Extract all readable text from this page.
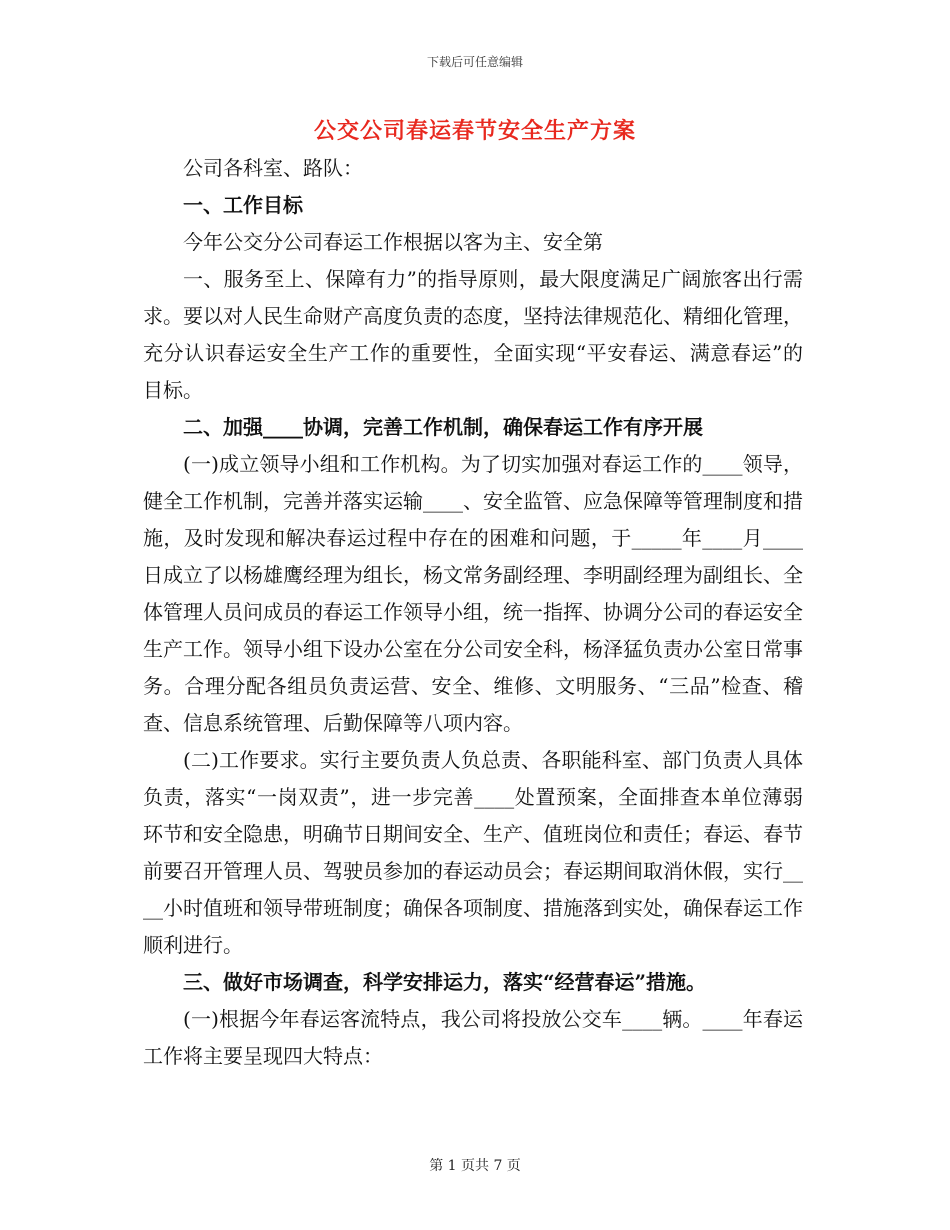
下载后可任意编辑
公交公司春运春节安全生产方案

公司各科室、路队：

一、工作目标

今年公交分公司春运工作根据以客为主、安全第

一、服务至上、保障有力”的指导原则，最大限度满足广阔旅客出行需求。要以对人民生命财产高度负责的态度，坚持法律规范化、精细化管理，充分认识春运安全生产工作的重要性，全面实现“平安春运、满意春运”的目标。

二、加强____协调，完善工作机制，确保春运工作有序开展

(一)成立领导小组和工作机构。为了切实加强对春运工作的____领导，健全工作机制，完善并落实运输____、安全监管、应急保障等管理制度和措施，及时发现和解决春运过程中存在的困难和问题，于_____年____月____日成立了以杨雄鹰经理为组长，杨文常务副经理、李明副经理为副组长、全体管理人员问成员的春运工作领导小组，统一指挥、协调分公司的春运安全生产工作。领导小组下设办公室在分公司安全科，杨泽猛负责办公室日常事务。合理分配各组员负责运营、安全、维修、文明服务、“三品”检查、稽查、信息系统管理、后勤保障等八项内容。

(二)工作要求。实行主要负责人负总责、各职能科室、部门负责人具体负责，落实“一岗双责”，进一步完善____处置预案，全面排查本单位薄弱环节和安全隐患，明确节日期间安全、生产、值班岗位和责任；春运、春节前要召开管理人员、驾驶员参加的春运动员会；春运期间取消休假，实行____小时值班和领导带班制度；确保各项制度、措施落到实处，确保春运工作顺利进行。

三、做好市场调查，科学安排运力，落实“经营春运”措施。

(一)根据今年春运客流特点，我公司将投放公交车____辆。____年春运工作将主要呈现四大特点：

第 1 页共 7 页
